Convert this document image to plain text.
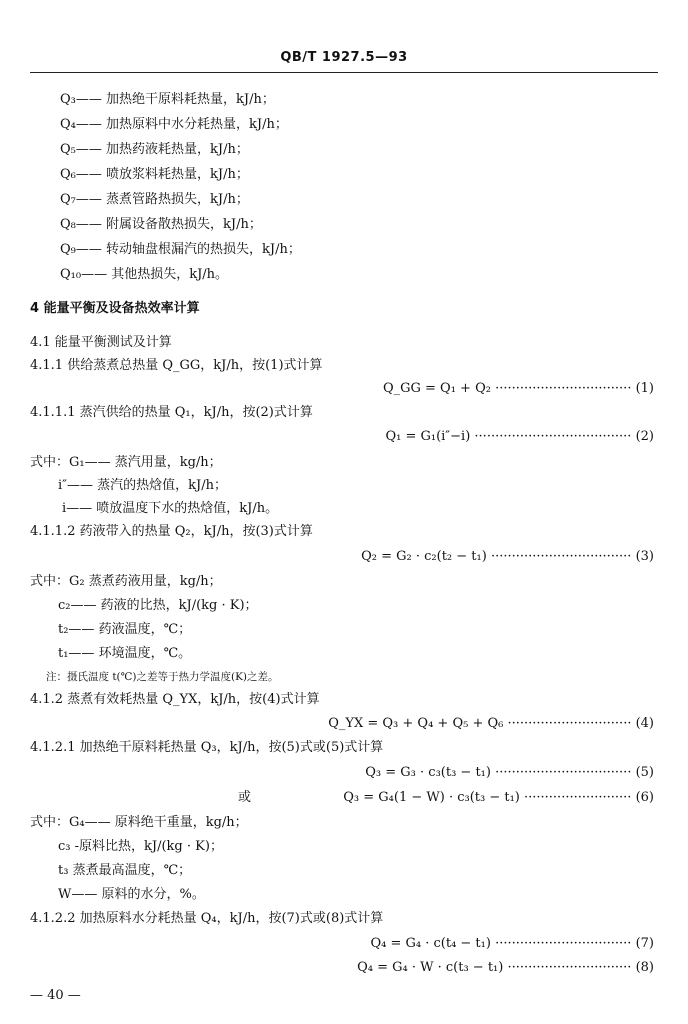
QB/T 1927.5—93
Q₃—— 加热绝干原料耗热量，kJ/h；
Q₄—— 加热原料中水分耗热量，kJ/h；
Q₅—— 加热药液耗热量，kJ/h；
Q₆—— 喷放浆料耗热量，kJ/h；
Q₇—— 蒸煮管路热损失，kJ/h；
Q₈—— 附属设备散热损失，kJ/h；
Q₉—— 转动轴盘根漏汽的热损失，kJ/h；
Q₁₀—— 其他热损失，kJ/h。
4 能量平衡及设备热效率计算
4.1 能量平衡测试及计算
4.1.1 供给蒸煮总热量 Q_GG，kJ/h，按(1)式计算
Q_GG = Q₁ + Q₂ ································· (1)
4.1.1.1 蒸汽供给的热量 Q₁，kJ/h，按(2)式计算
Q₁ = G₁(i″−i) ······································ (2)
式中：G₁—— 蒸汽用量，kg/h；
i″—— 蒸汽的热焓值，kJ/h；
i—— 喷放温度下水的热焓值，kJ/h。
4.1.1.2 药液带入的热量 Q₂，kJ/h，按(3)式计算
Q₂ = G₂ · c₂(t₂ − t₁) ·································· (3)
式中：G₂ 蒸煮药液用量，kg/h；
c₂—— 药液的比热，kJ/(kg · K)；
t₂—— 药液温度，℃；
t₁—— 环境温度，℃。
注：摄氏温度 t(℃)之差等于热力学温度(K)之差。
4.1.2 蒸煮有效耗热量 Q_YX，kJ/h，按(4)式计算
Q_YX = Q₃ + Q₄ + Q₅ + Q₆ ······························ (4)
4.1.2.1 加热绝干原料耗热量 Q₃，kJ/h，按(5)式或(5)式计算
Q₃ = G₃ · c₃(t₃ − t₁) ································· (5)
或	Q₃ = G₄(1 − W) · c₃(t₃ − t₁) ·························· (6)
式中：G₄—— 原料绝干重量，kg/h；
c₃ -原料比热，kJ/(kg · K)；
t₃ 蒸煮最高温度，℃；
W—— 原料的水分，%。
4.1.2.2 加热原料水分耗热量 Q₄，kJ/h，按(7)式或(8)式计算
Q₄ = G₄ · c(t₄ − t₁) ································· (7)
Q₄ = G₄ · W · c(t₃ − t₁) ······························ (8)
— 40 —
